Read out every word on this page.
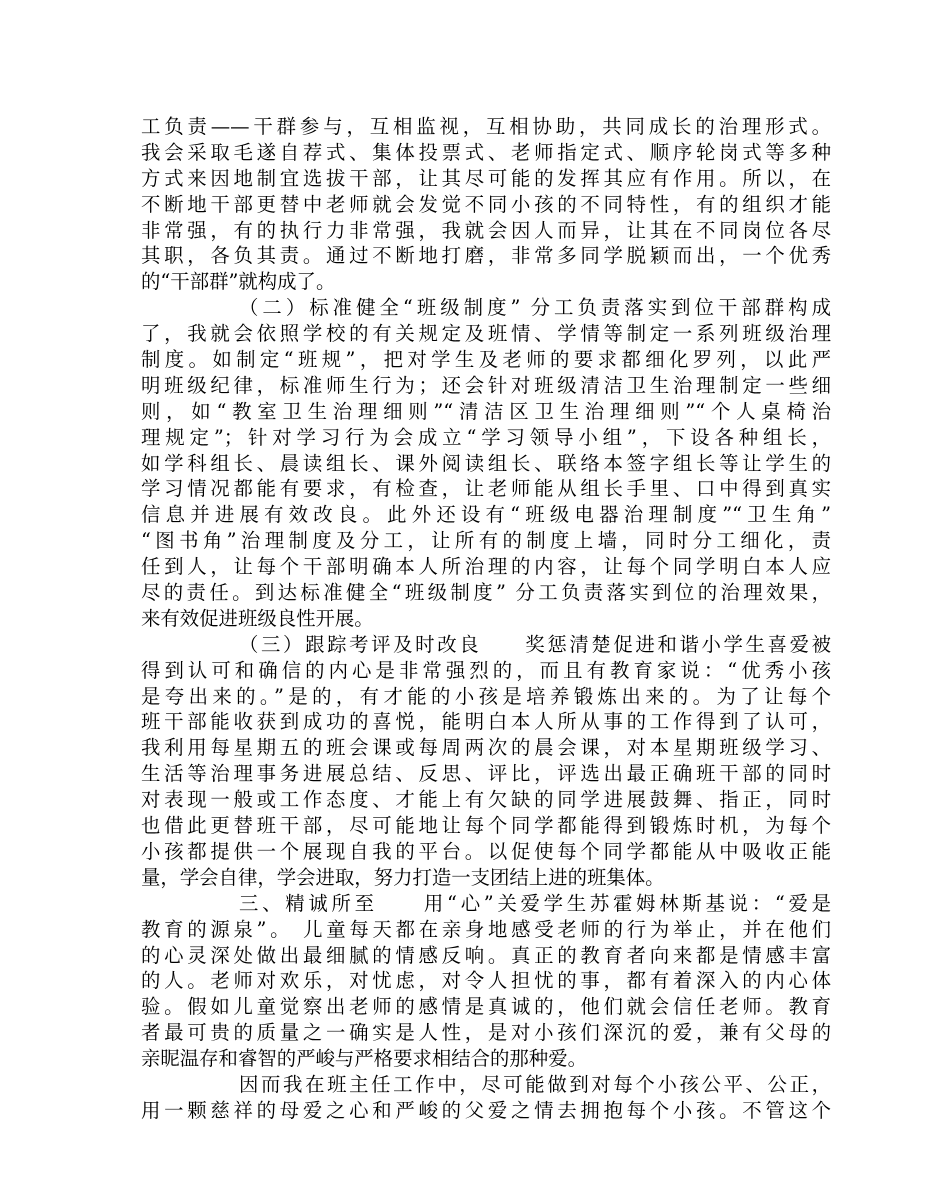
工负责——干群参与，互相监视，互相协助，共同成长的治理形式。
我会采取毛遂自荐式、集体投票式、老师指定式、顺序轮岗式等多种
方式来因地制宜选拔干部，让其尽可能的发挥其应有作用。所以，在
不断地干部更替中老师就会发觉不同小孩的不同特性，有的组织才能
非常强，有的执行力非常强，我就会因人而异，让其在不同岗位各尽
其职，各负其责。通过不断地打磨，非常多同学脱颖而出，一个优秀
的“干部群”就构成了。
（二）标准健全“班级制度” 分工负责落实到位干部群构成
了，我就会依照学校的有关规定及班情、学情等制定一系列班级治理
制度。如制定“班规”，把对学生及老师的要求都细化罗列，以此严
明班级纪律，标准师生行为；还会针对班级清洁卫生治理制定一些细
则，如“教室卫生治理细则”“清洁区卫生治理细则”“个人桌椅治
理规定”；针对学习行为会成立“学习领导小组”，下设各种组长，
如学科组长、晨读组长、课外阅读组长、联络本签字组长等让学生的
学习情况都能有要求，有检查，让老师能从组长手里、口中得到真实
信息并进展有效改良。此外还设有“班级电器治理制度”“卫生角”
“图书角”治理制度及分工，让所有的制度上墙，同时分工细化，责
任到人，让每个干部明确本人所治理的内容，让每个同学明白本人应
尽的责任。到达标准健全“班级制度” 分工负责落实到位的治理效果，
来有效促进班级良性开展。
（三）跟踪考评及时改良　　奖惩清楚促进和谐小学生喜爱被
得到认可和确信的内心是非常强烈的，而且有教育家说：“优秀小孩
是夸出来的。”是的，有才能的小孩是培养锻炼出来的。为了让每个
班干部能收获到成功的喜悦，能明白本人所从事的工作得到了认可，
我利用每星期五的班会课或每周两次的晨会课，对本星期班级学习、
生活等治理事务进展总结、反思、评比，评选出最正确班干部的同时
对表现一般或工作态度、才能上有欠缺的同学进展鼓舞、指正，同时
也借此更替班干部，尽可能地让每个同学都能得到锻炼时机，为每个
小孩都提供一个展现自我的平台。以促使每个同学都能从中吸收正能
量，学会自律，学会进取，努力打造一支团结上进的班集体。
三、精诚所至　　用“心”关爱学生苏霍姆林斯基说：“爱是
教育的源泉”。 儿童每天都在亲身地感受老师的行为举止，并在他们
的心灵深处做出最细腻的情感反响。真正的教育者向来都是情感丰富
的人。老师对欢乐，对忧虑，对令人担忧的事，都有着深入的内心体
验。假如儿童觉察出老师的感情是真诚的，他们就会信任老师。教育
者最可贵的质量之一确实是人性，是对小孩们深沉的爱，兼有父母的
亲昵温存和睿智的严峻与严格要求相结合的那种爱。
因而我在班主任工作中，尽可能做到对每个小孩公平、公正，
用一颗慈祥的母爱之心和严峻的父爱之情去拥抱每个小孩。不管这个
